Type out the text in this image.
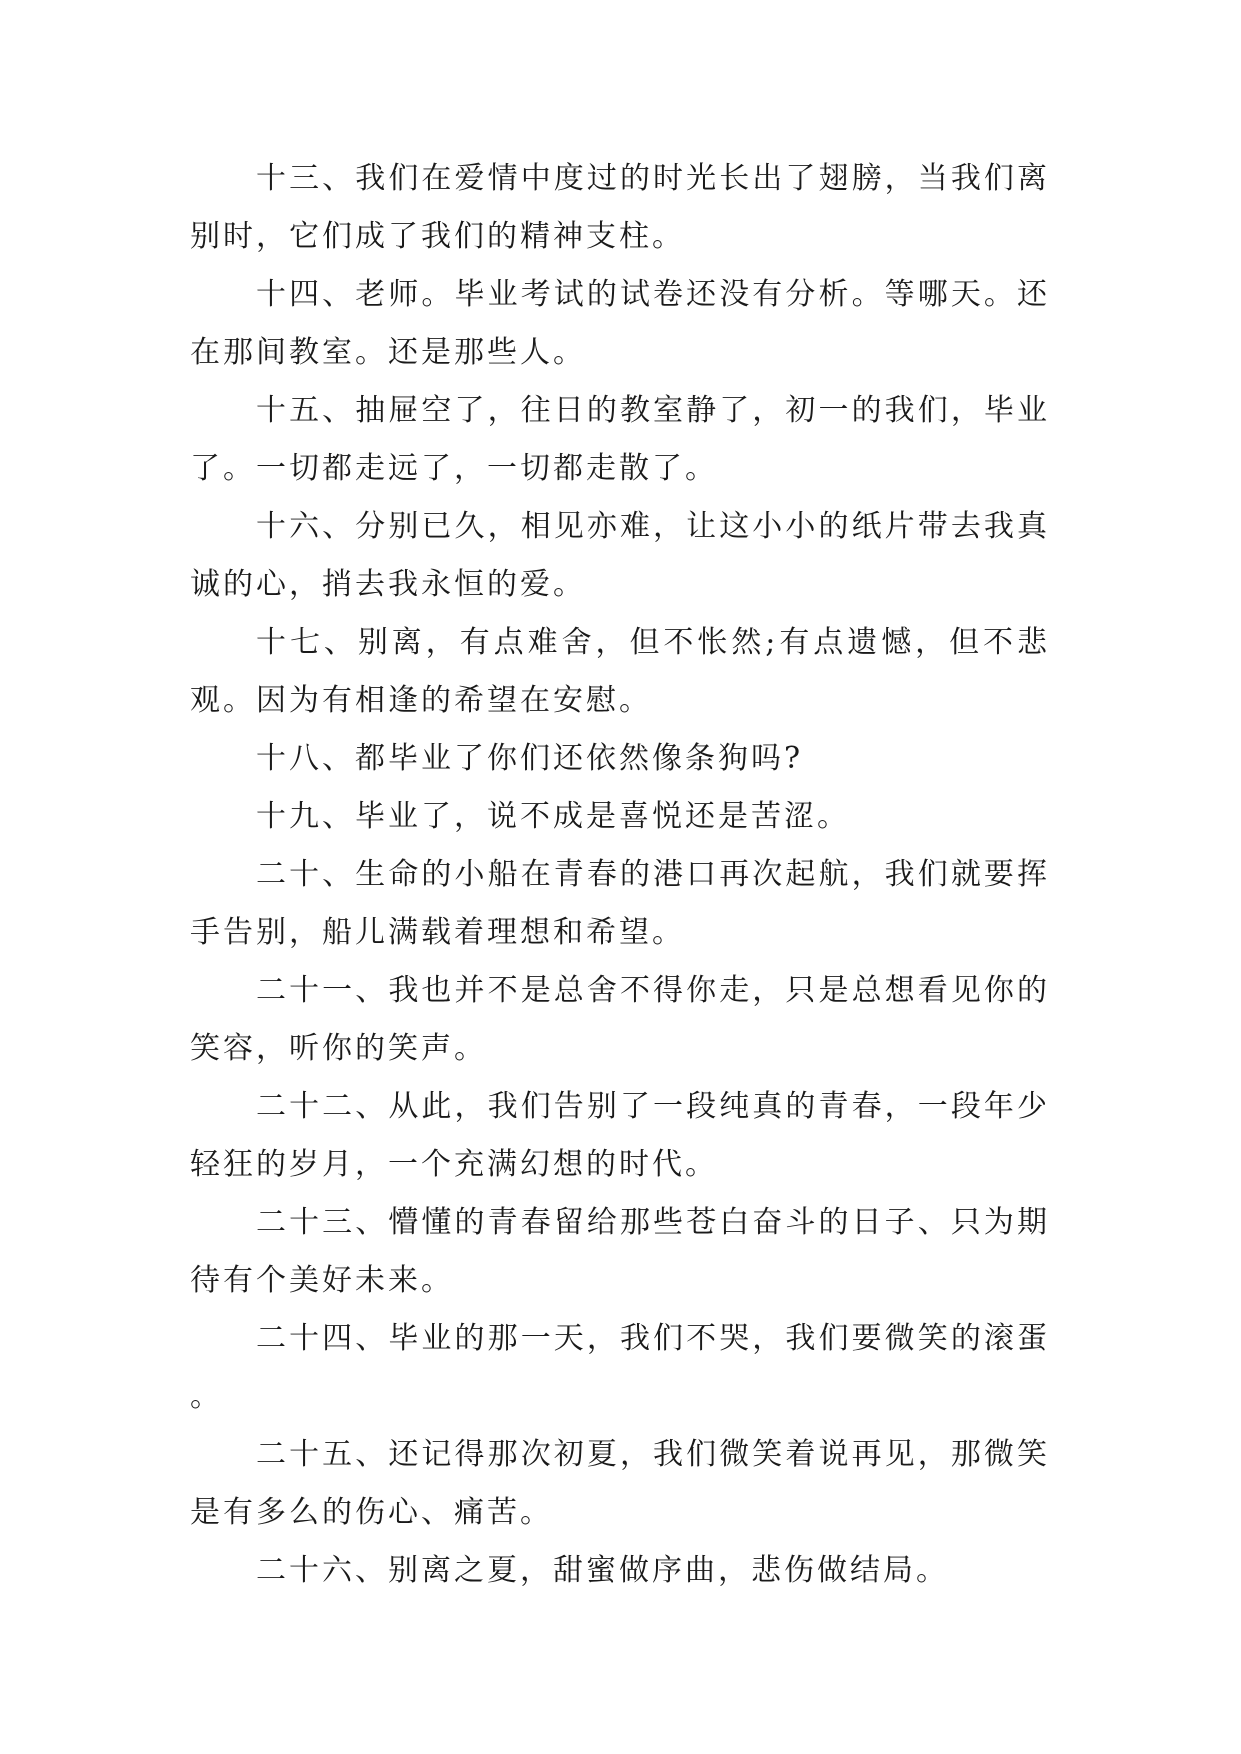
十三、我们在爱情中度过的时光长出了翅膀，当我们离别时，它们成了我们的精神支柱。

十四、老师。毕业考试的试卷还没有分析。等哪天。还在那间教室。还是那些人。

十五、抽屉空了，往日的教室静了，初一的我们，毕业了。一切都走远了，一切都走散了。

十六、分别已久，相见亦难，让这小小的纸片带去我真诚的心，捎去我永恒的爱。

十七、别离，有点难舍，但不怅然;有点遗憾，但不悲观。因为有相逢的希望在安慰。

十八、都毕业了你们还依然像条狗吗?

十九、毕业了，说不成是喜悦还是苦涩。

二十、生命的小船在青春的港口再次起航，我们就要挥手告别，船儿满载着理想和希望。

二十一、我也并不是总舍不得你走，只是总想看见你的笑容，听你的笑声。

二十二、从此，我们告别了一段纯真的青春，一段年少轻狂的岁月，一个充满幻想的时代。

二十三、懵懂的青春留给那些苍白奋斗的日子、只为期待有个美好未来。

二十四、毕业的那一天，我们不哭，我们要微笑的滚蛋。

二十五、还记得那次初夏，我们微笑着说再见，那微笑是有多么的伤心、痛苦。

二十六、别离之夏，甜蜜做序曲，悲伤做结局。
